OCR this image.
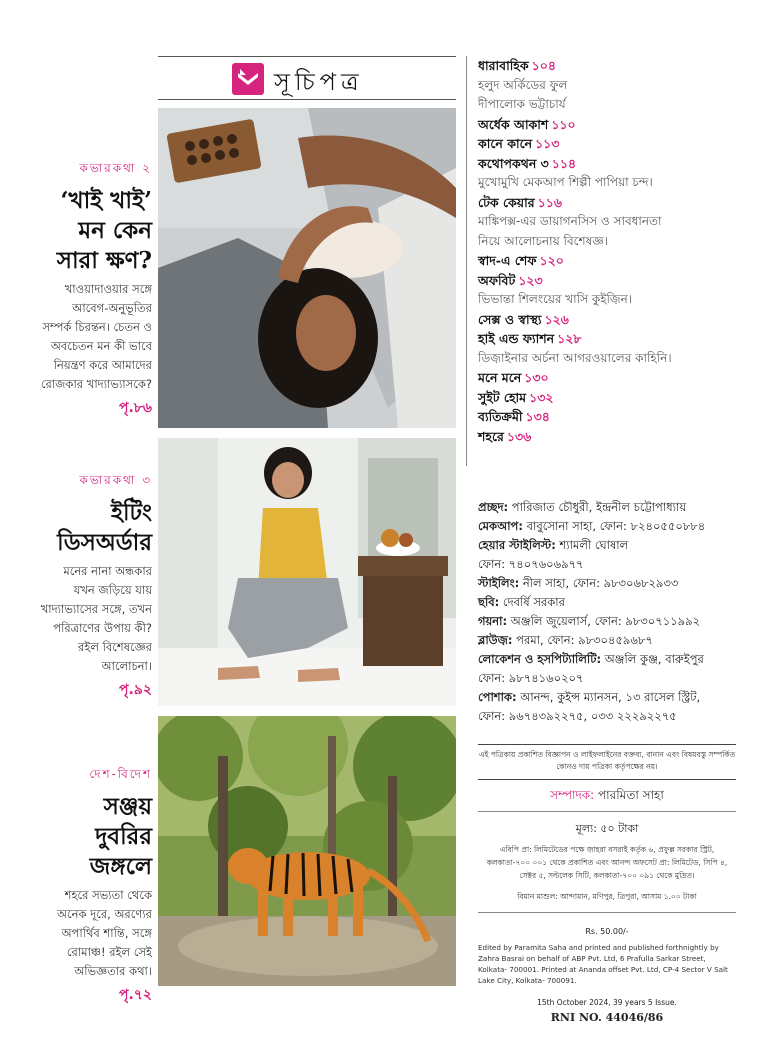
সূচিপত্র
কভারকথা ২
‘খাই খাই’ মন কেন সারা ক্ষণ?
খাওয়াদাওয়ার সঙ্গে আবেগ-অনুভূতির সম্পর্ক চিরন্তন। চেতন ও অবচেতন মন কী ভাবে নিয়ন্ত্রণ করে আমাদের রোজকার খাদ্যাভ্যাসকে?
পৃ.৮৬
কভারকথা ৩
ইটিং ডিসঅর্ডার
মনের নানা অন্ধকার যখন জড়িয়ে যায় খাদ্যাভ্যাসের সঙ্গে, তখন পরিত্রাণের উপায় কী? রইল বিশেষজ্ঞের আলোচনা।
পৃ.৯২
দেশ-বিদেশ
সঞ্জয় দুবরির জঙ্গলে
শহরে সভ্যতা থেকে অনেক দূরে, অরণ্যের অপার্থিব শান্তি, সঙ্গে রোমাঞ্চ! রইল সেই অভিজ্ঞতার কথা।
পৃ.৭২
ধারাবাহিক ১০৪
হলুদ অর্কিডের ফুল
দীপালোক ভট্টাচার্য
অর্ধেক আকাশ ১১০
কানে কানে ১১৩
কথোপকথন ৩ ১১৪
মুখোমুখি মেকআপ শিল্পী পাপিয়া চন্দ।
টেক কেয়ার ১১৬
মাঙ্কিপক্স-এর ডায়াগনসিস ও সাবধানতা
নিয়ে আলোচনায় বিশেষজ্ঞ।
স্বাদ-এ শেফ ১২০
অফবিট ১২৩
ভিভান্তা শিলংয়ের খাসি কুইজ়িন।
সেক্স ও স্বাস্থ্য ১২৬
হাই এন্ড ফ্যাশন ১২৮
ডিজ়াইনার অর্চনা আগরওয়ালের কাহিনি।
মনে মনে ১৩০
সুইট হোম ১৩২
ব্যতিক্রমী ১৩৪
শহরে ১৩৬
প্রচ্ছদ: পারিজাত চৌধুরী, ইন্দ্রনীল চট্টোপাধ্যায়
মেকআপ: বাবুসোনা সাহা, ফোন: ৮২৪০৫৫০৮৮৪
হেয়ার স্টাইলিস্ট: শ্যামলী ঘোষাল
ফোন: ৭৪০৭৬০৬৯৭৭
স্টাইলিং: নীল সাহা, ফোন: ৯৮৩০৬৮২৯৩৩
ছবি: দেবর্ষি সরকার
গয়না: অঞ্জলি জুয়েলার্স, ফোন: ৯৮৩০৭১১৯৯২
ব্লাউজ়: পরমা, ফোন: ৯৮৩০৪৫৯৬৮৭
লোকেশন ও হসপিট্যালিটি: অঞ্জলি কুঞ্জ, বারুইপুর
ফোন: ৯৮৭৪১৬০২০৭
পোশাক: আনন্দ, কুইন্স ম্যানসন, ১৩ রাসেল স্ট্রিট,
ফোন: ৯৬৭৪৩৯২২৭৫, ০৩৩ ২২২৯২২৭৫
এই পত্রিকায় প্রকাশিত বিজ্ঞাপন ও লাইফলাইনের বক্তব্য, বানান এবং বিষয়বস্তু সম্পর্কিত কোনও দায় পত্রিকা কর্তৃপক্ষের নয়।
সম্পাদক: পারমিতা সাহা
মূল্য: ৫০ টাকা
এবিপি প্রা: লিমিটেডের পক্ষে জ়াহরা বসরাই কর্তৃক ৬, প্রফুল্ল সরকার স্ট্রিট, কলকাতা-৭০০ ০০১ থেকে প্রকাশিত এবং আনন্দ অফসেট প্রা: লিমিটেড, সিপি ৪, সেক্টর ৫, সল্টলেক সিটি, কলকাতা-৭০০ ০৯১ থেকে মুদ্রিত।
বিমান মাশুল: আন্দামান, মণিপুর, ত্রিপুরা, আসাম ১.০০ টাকা
Rs. 50.00/-
Edited by Paramita Saha and printed and published forthnightly by Zahra Basrai on behalf of ABP Pvt. Ltd, 6 Prafulla Sarkar Street, Kolkata- 700001. Printed at Ananda offset Pvt. Ltd, CP-4 Sector V Salt Lake City, Kolkata- 700091.
15th October 2024, 39 years 5 Issue.
RNI NO. 44046/86
